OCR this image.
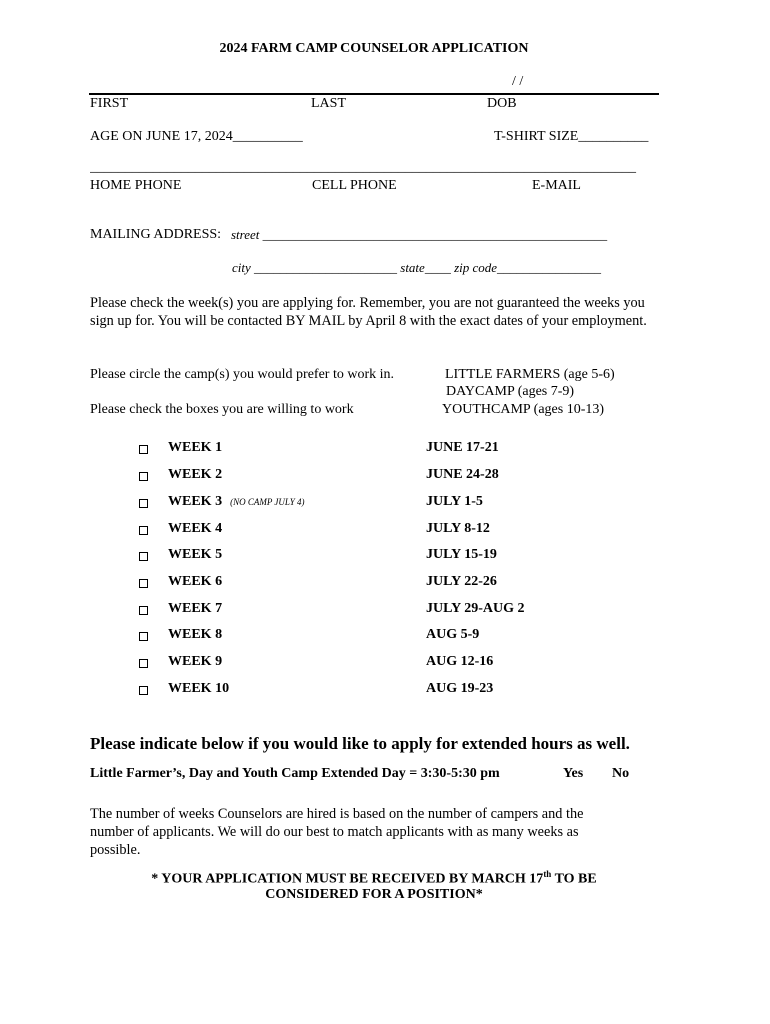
2024 FARM CAMP COUNSELOR APPLICATION
/ /
FIRST	LAST	DOB
AGE ON JUNE 17, 2024__________	T-SHIRT SIZE__________
______________________________________________________________________________
HOME PHONE	CELL PHONE	E-MAIL
MAILING ADDRESS: street _____________________________________________________
city ______________________ state____ zip code________________
Please check the week(s) you are applying for. Remember, you are not guaranteed the weeks you sign up for. You will be contacted BY MAIL by April 8 with the exact dates of your employment.
Please circle the camp(s) you would prefer to work in.
Please check the boxes you are willing to work
LITTLE FARMERS (age 5-6)
DAYCAMP (ages 7-9)
YOUTHCAMP (ages 10-13)
WEEK 1	JUNE 17-21
WEEK 2	JUNE 24-28
WEEK 3 (NO CAMP JULY 4)	JULY 1-5
WEEK 4	JULY 8-12
WEEK 5	JULY 15-19
WEEK 6	JULY 22-26
WEEK 7	JULY 29-AUG 2
WEEK 8	AUG 5-9
WEEK 9	AUG 12-16
WEEK 10	AUG 19-23
Please indicate below if you would like to apply for extended hours as well.
Little Farmer’s, Day and Youth Camp Extended Day = 3:30-5:30 pm	Yes No
The number of weeks Counselors are hired is based on the number of campers and the number of applicants. We will do our best to match applicants with as many weeks as possible.
* YOUR APPLICATION MUST BE RECEIVED BY MARCH 17th TO BE
CONSIDERED FOR A POSITION*
